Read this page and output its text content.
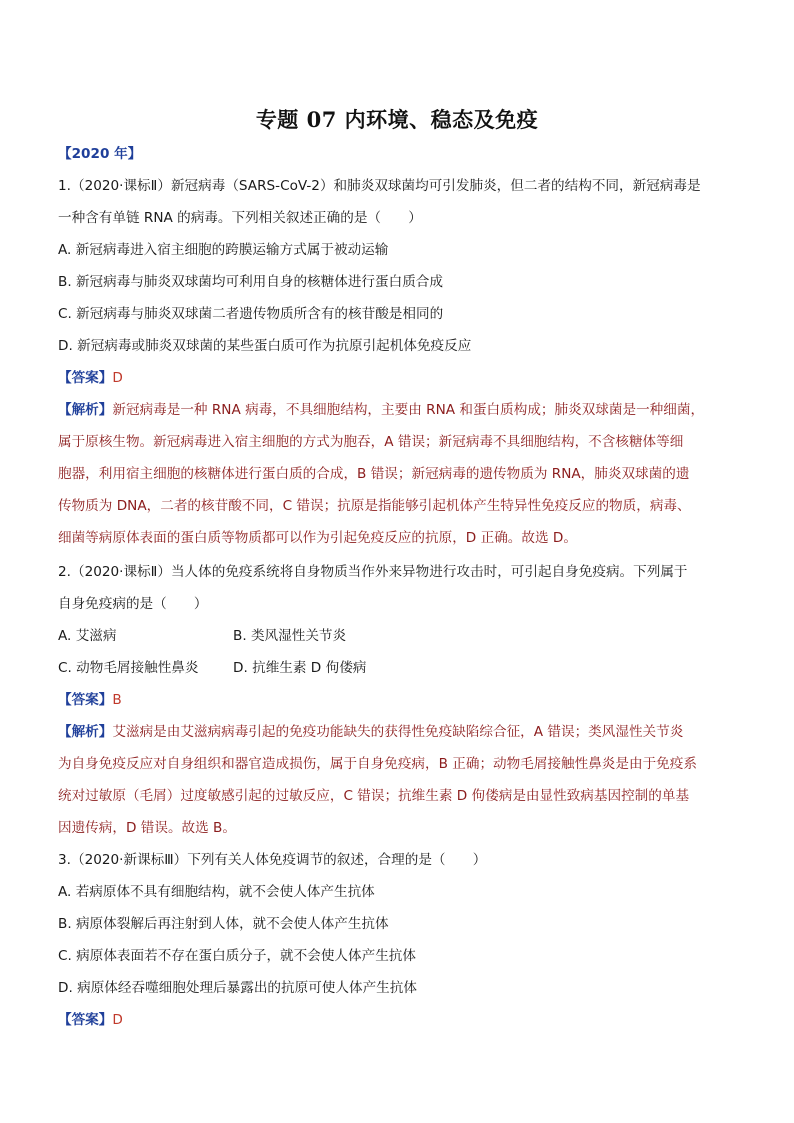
专题 07 内环境、稳态及免疫
【2020 年】
1.（2020·课标Ⅱ）新冠病毒（SARS-CoV-2）和肺炎双球菌均可引发肺炎，但二者的结构不同，新冠病毒是
一种含有单链 RNA 的病毒。下列相关叙述正确的是（　　）
A. 新冠病毒进入宿主细胞的跨膜运输方式属于被动运输
B. 新冠病毒与肺炎双球菌均可利用自身的核糖体进行蛋白质合成
C. 新冠病毒与肺炎双球菌二者遗传物质所含有的核苷酸是相同的
D. 新冠病毒或肺炎双球菌的某些蛋白质可作为抗原引起机体免疫反应
【答案】D
【解析】新冠病毒是一种 RNA 病毒，不具细胞结构，主要由 RNA 和蛋白质构成；肺炎双球菌是一种细菌，
属于原核生物。新冠病毒进入宿主细胞的方式为胞吞，A 错误；新冠病毒不具细胞结构，不含核糖体等细
胞器，利用宿主细胞的核糖体进行蛋白质的合成，B 错误；新冠病毒的遗传物质为 RNA，肺炎双球菌的遗
传物质为 DNA，二者的核苷酸不同，C 错误；抗原是指能够引起机体产生特异性免疫反应的物质，病毒、
细菌等病原体表面的蛋白质等物质都可以作为引起免疫反应的抗原，D 正确。故选 D。
2.（2020·课标Ⅱ）当人体的免疫系统将自身物质当作外来异物进行攻击时，可引起自身免疫病。下列属于
自身免疫病的是（　　）
A. 艾滋病	B. 类风湿性关节炎
C. 动物毛屑接触性鼻炎	D. 抗维生素 D 佝偻病
【答案】B
【解析】艾滋病是由艾滋病病毒引起的免疫功能缺失的获得性免疫缺陷综合征，A 错误；类风湿性关节炎
为自身免疫反应对自身组织和器官造成损伤，属于自身免疫病，B 正确；动物毛屑接触性鼻炎是由于免疫系
统对过敏原（毛屑）过度敏感引起的过敏反应，C 错误；抗维生素 D 佝偻病是由显性致病基因控制的单基
因遗传病，D 错误。故选 B。
3.（2020·新课标Ⅲ）下列有关人体免疫调节的叙述，合理的是（　　）
A. 若病原体不具有细胞结构，就不会使人体产生抗体
B. 病原体裂解后再注射到人体，就不会使人体产生抗体
C. 病原体表面若不存在蛋白质分子，就不会使人体产生抗体
D. 病原体经吞噬细胞处理后暴露出的抗原可使人体产生抗体
【答案】D
